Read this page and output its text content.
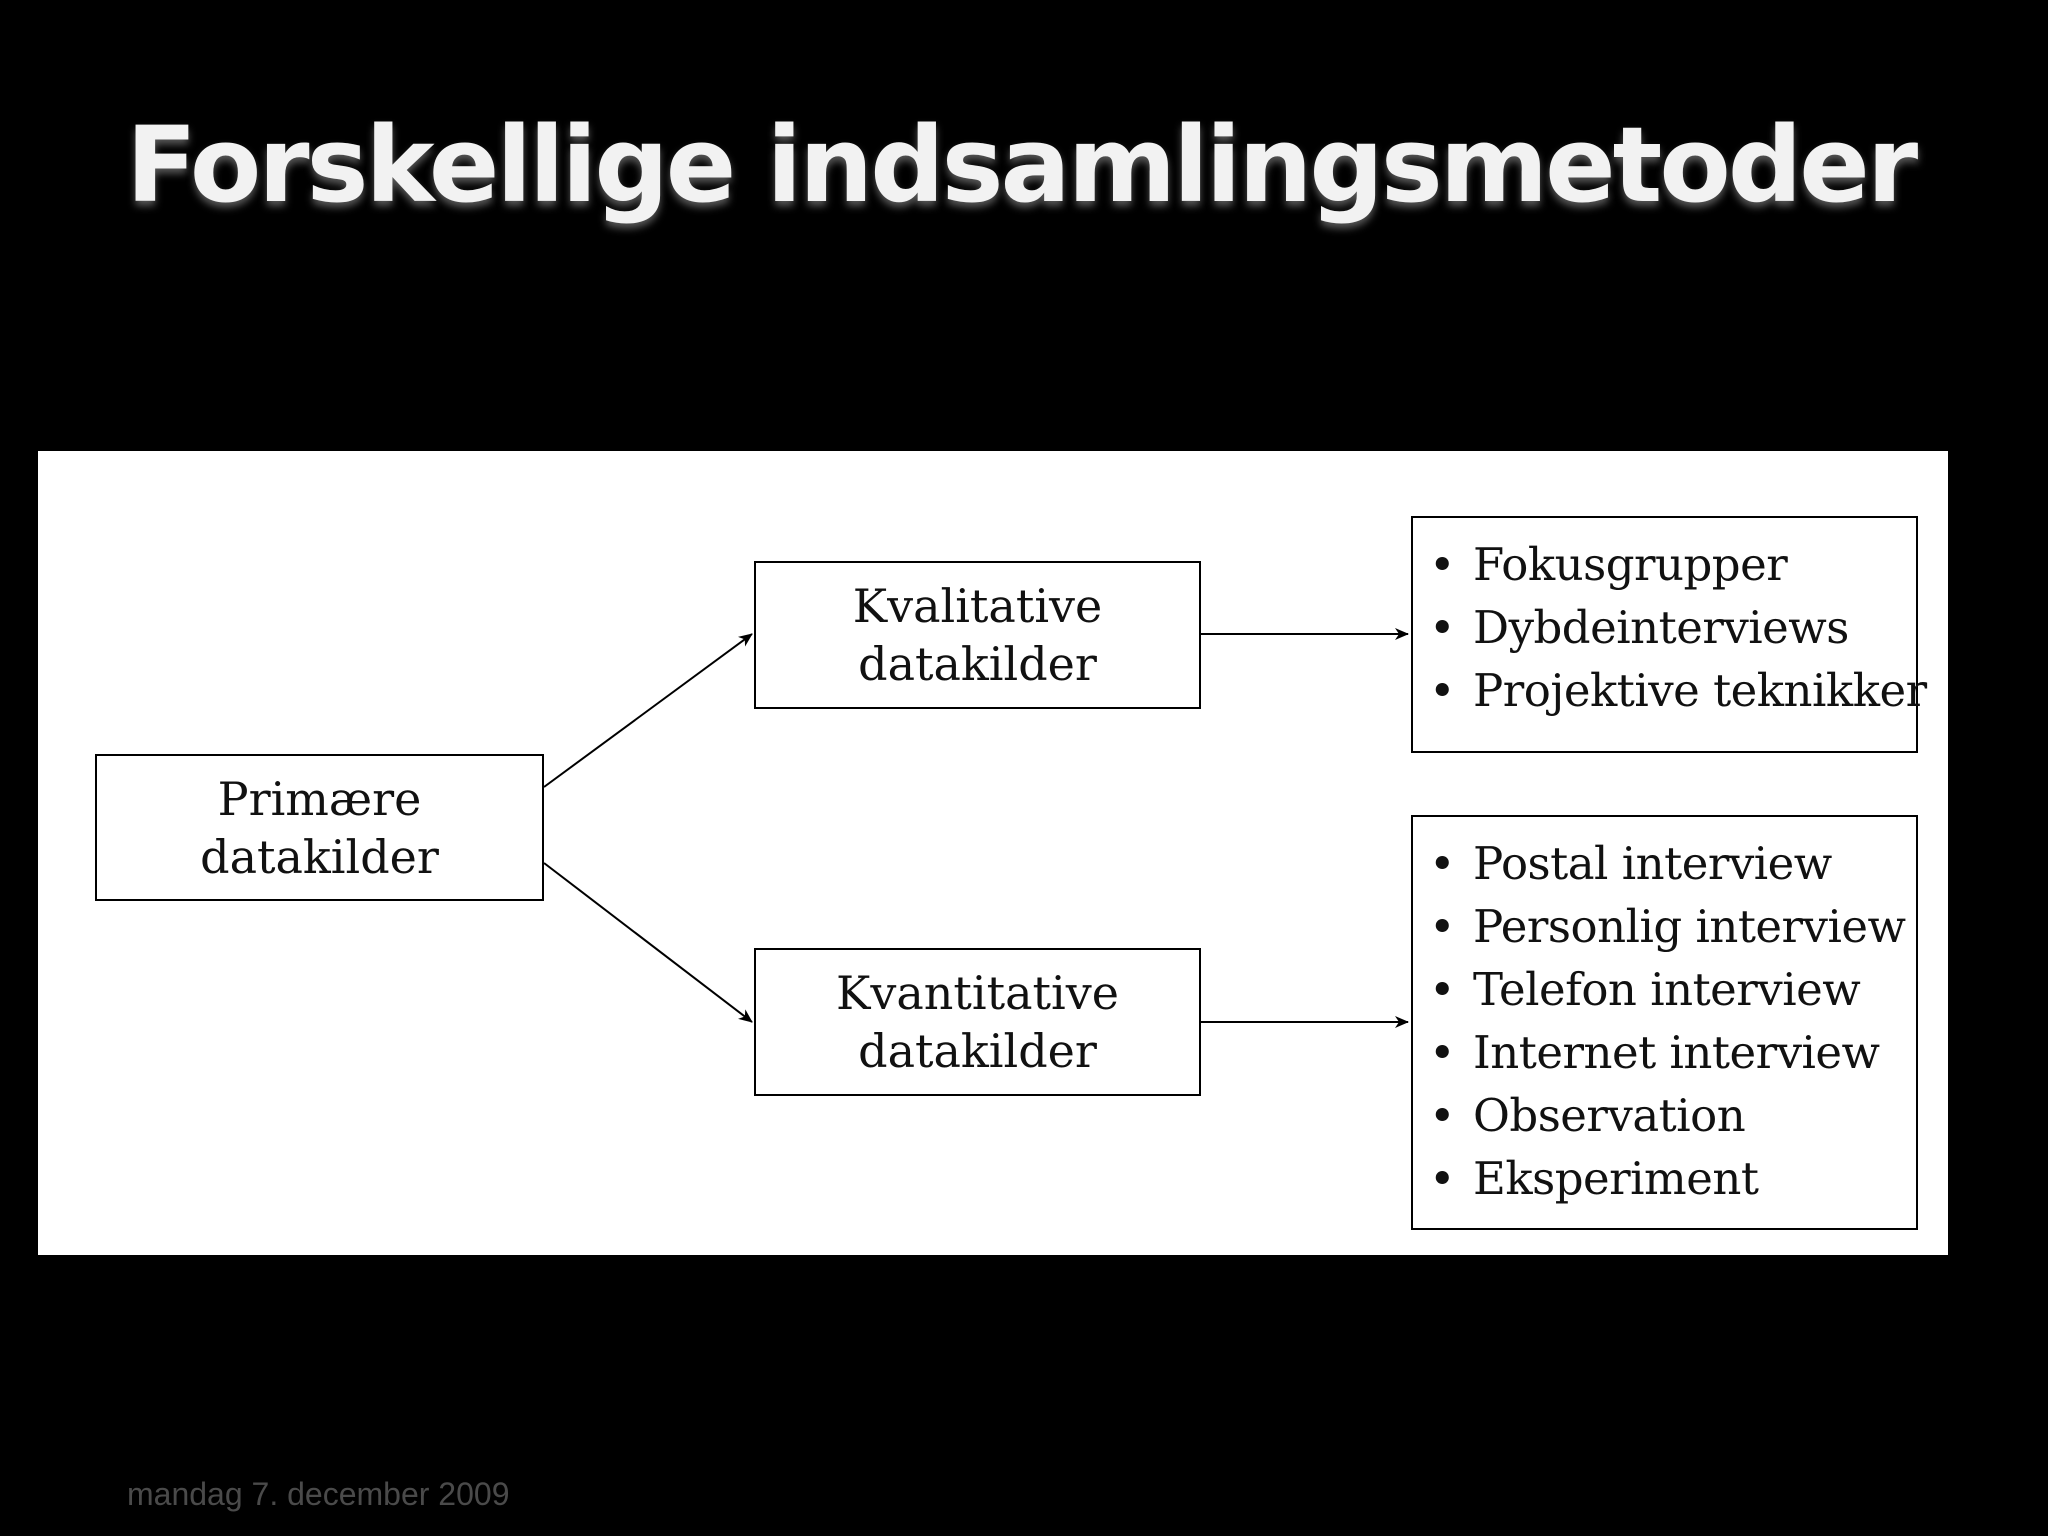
Forskellige indsamlingsmetoder
Primære datakilder
Kvalitative
datakilder
Kvantitative
datakilder
• Fokusgrupper
• Dybdeinterviews
• Projektive teknikker
• Postal interview
• Personlig interview
• Telefon interview
• Internet interview
• Observation
• Eksperiment
mandag 7. december 2009
